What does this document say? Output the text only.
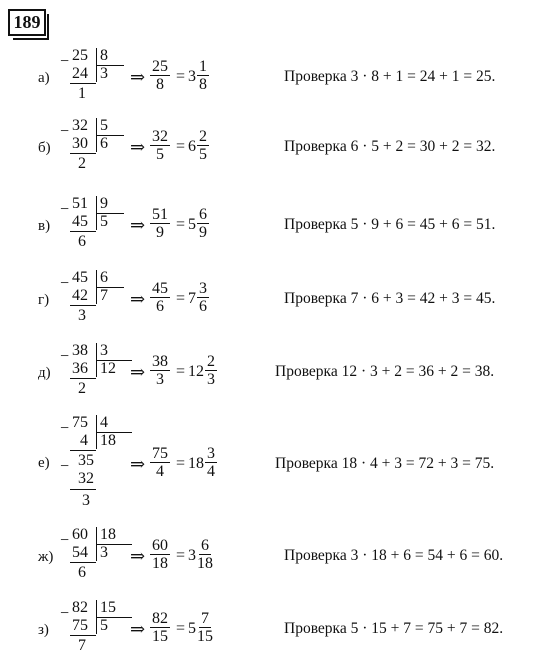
189
а)
− 25 8
24 3
1
⇒ $\frac{25}{8} = 3 \frac{1}{8}$	Проверка 3 · 8 + 1 = 24 + 1 = 25.
б)
− 32 5
30 6
2
⇒ $\frac{32}{5} = 6 \frac{2}{5}$	Проверка 6 · 5 + 2 = 30 + 2 = 32.
в)
− 51 9
45 5
6
⇒ $\frac{51}{9} = 5 \frac{6}{9}$	Проверка 5 · 9 + 6 = 45 + 6 = 51.
г)
− 45 6
42 7
3
⇒ $\frac{45}{6} = 7 \frac{3}{6}$	Проверка 7 · 6 + 3 = 42 + 3 = 45.
д)
− 38 3
36 12
2
⇒ $\frac{38}{3} = 12 \frac{2}{3}$	Проверка 12 · 3 + 2 = 36 + 2 = 38.
е)
− 75 4
4 18
− 35
32
3
⇒ $\frac{75}{4} = 18 \frac{3}{4}$	Проверка 18 · 4 + 3 = 72 + 3 = 75.
ж)
− 60 18
54 3
6
⇒ $\frac{60}{18} = 3 \frac{6}{18}$	Проверка 3 · 18 + 6 = 54 + 6 = 60.
з)
− 82 15
75 5
7
⇒ $\frac{82}{15} = 5 \frac{7}{15}$	Проверка 5 · 15 + 7 = 75 + 7 = 82.
